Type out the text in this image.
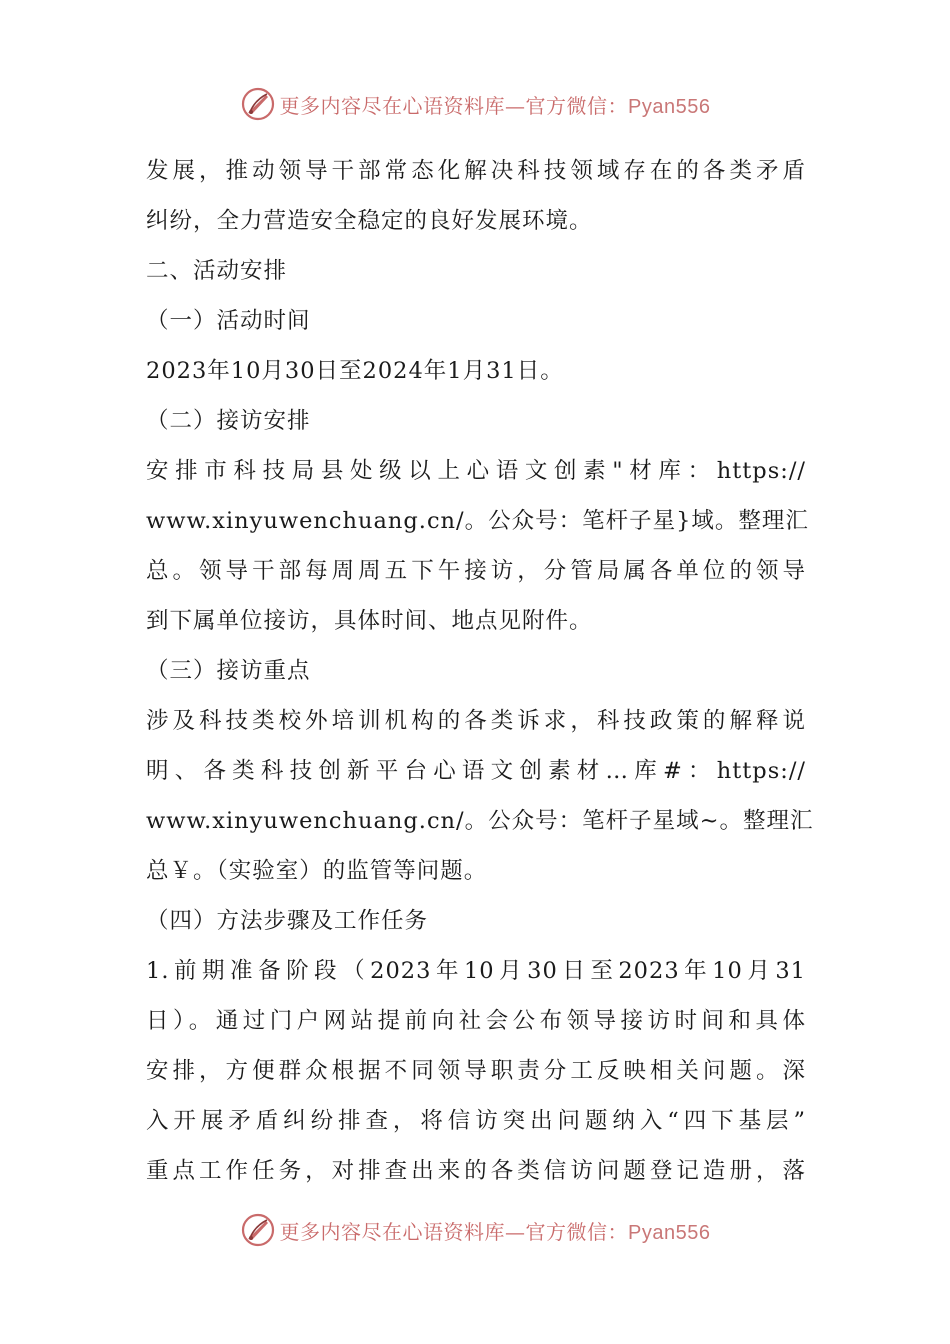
更多内容尽在心语资料库—官方微信：Pyan556
发展，推动领导干部常态化解决科技领域存在的各类矛盾
纠纷，全力营造安全稳定的良好发展环境。
二、活动安排
（一）活动时间
2023年10月30日至2024年1月31日。
（二）接访安排
安排市科技局县处级以上心语文创素"材库：https://
www.xinyuwenchuang.cn/。公众号：笔杆子星}域。整理汇
总。领导干部每周周五下午接访，分管局属各单位的领导
到下属单位接访，具体时间、地点见附件。
（三）接访重点
涉及科技类校外培训机构的各类诉求，科技政策的解释说
明、各类科技创新平台心语文创素材…库#：https://
www.xinyuwenchuang.cn/。公众号：笔杆子星域~。整理汇
总￥。（实验室）的监管等问题。
（四）方法步骤及工作任务
1.前期准备阶段（2023年10月30日至2023年10月31
日）。通过门户网站提前向社会公布领导接访时间和具体
安排，方便群众根据不同领导职责分工反映相关问题。深
入开展矛盾纠纷排查，将信访突出问题纳入“四下基层”
重点工作任务，对排查出来的各类信访问题登记造册，落
更多内容尽在心语资料库—官方微信：Pyan556
